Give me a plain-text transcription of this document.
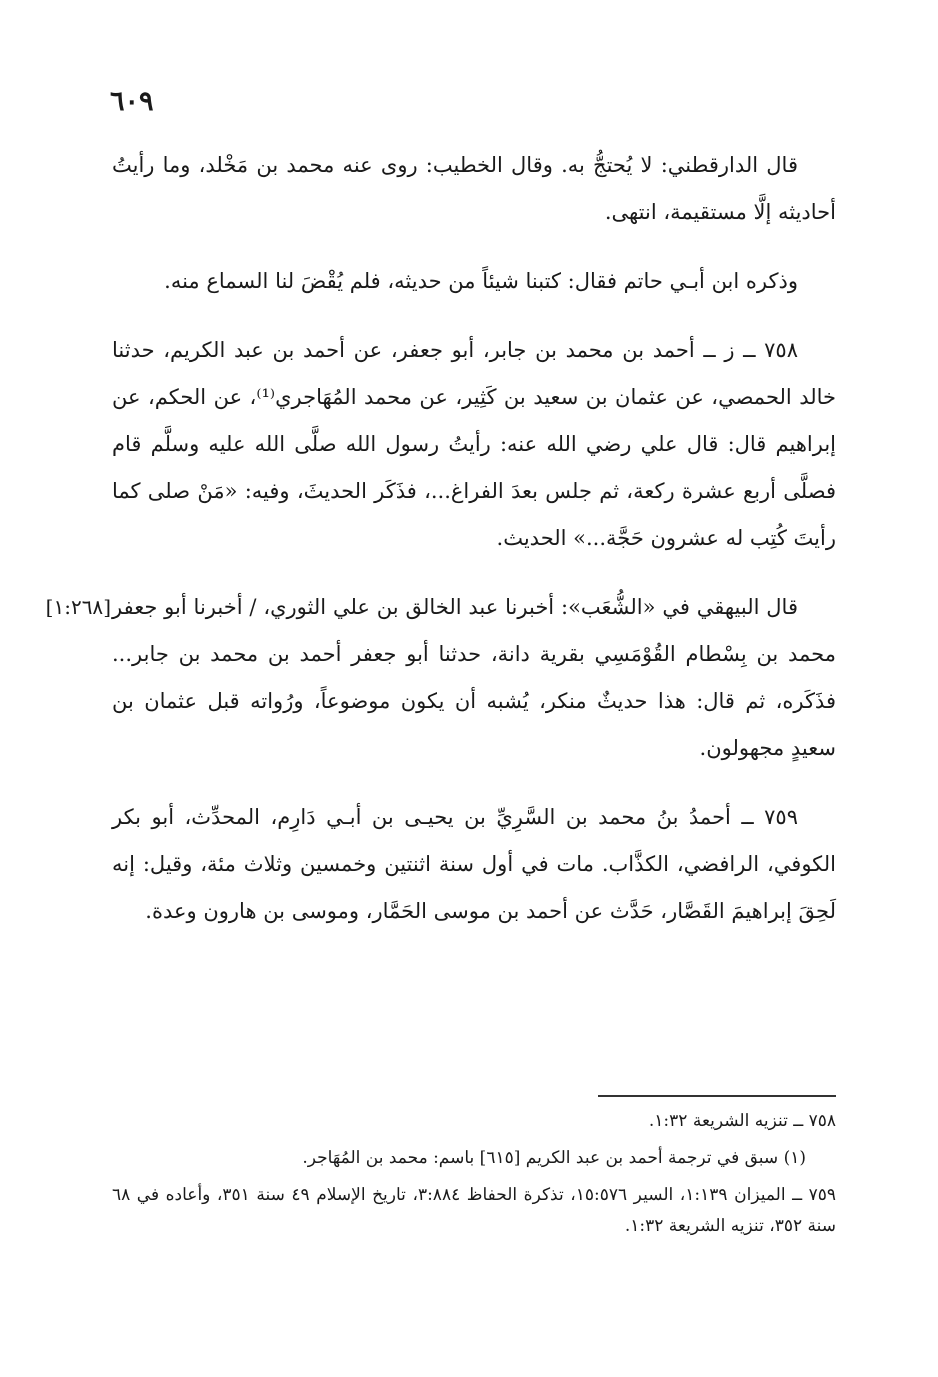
٦٠٩

قال الدارقطني: لا يُحتجُّ به. وقال الخطيب: روى عنه محمد بن مَخْلد، وما رأيتُ أحاديثه إلَّا مستقيمة، انتهى.

وذكره ابن أبـي حاتم فقال: كتبنا شيئاً من حديثه، فلم يُقْضَ لنا السماع منه.

٧٥٨ ــ ز ــ أحمد بن محمد بن جابر، أبو جعفر، عن أحمد بن عبد الكريم، حدثنا خالد الحمصي، عن عثمان بن سعيد بن كَثِير، عن محمد المُهَاجري⁽¹⁾، عن الحكم، عن إبراهيم قال: قال علي رضي الله عنه: رأيتُ رسول الله صلَّى الله عليه وسلَّم قام فصلَّى أربع عشرة ركعة، ثم جلس بعدَ الفراغ...، فذَكَر الحديثَ، وفيه: «مَنْ صلى كما رأيتَ كُتِب له عشرون حَجَّة...» الحديث.

[١:٢٦٨] قال البيهقي في «الشُّعَب»: أخبرنا عبد الخالق بن علي الثوري، / أخبرنا أبو جعفر محمد بن بِسْطام القُوْمَسِي بقرية دانة، حدثنا أبو جعفر أحمد بن محمد بن جابر... فذَكَره، ثم قال: هذا حديثٌ منكر، يُشبه أن يكون موضوعاً، ورُواته قبل عثمان بن سعيدٍ مجهولون.

٧٥٩ ــ أحمدُ بنُ محمد بن السَّرِيِّ بن يحيـى بن أبـي دَارِم، المحدِّث، أبو بكر الكوفي، الرافضي، الكذَّاب. مات في أول سنة اثنتين وخمسين وثلاث مئة، وقيل: إنه لَحِقَ إبراهيمَ القَصَّار، حَدَّث عن أحمد بن موسى الحَمَّار، وموسى بن هارون وعدة.

٧٥٨ ــ تنزيه الشريعة ١:٣٢.

(١) سبق في ترجمة أحمد بن عبد الكريم [٦١٥] باسم: محمد بن المُهَاجر.

٧٥٩ ــ الميزان ١:١٣٩، السير ١٥:٥٧٦، تذكرة الحفاظ ٣:٨٨٤، تاريخ الإسلام ٤٩ سنة ٣٥١، وأعاده في ٦٨ سنة ٣٥٢، تنزيه الشريعة ١:٣٢.
